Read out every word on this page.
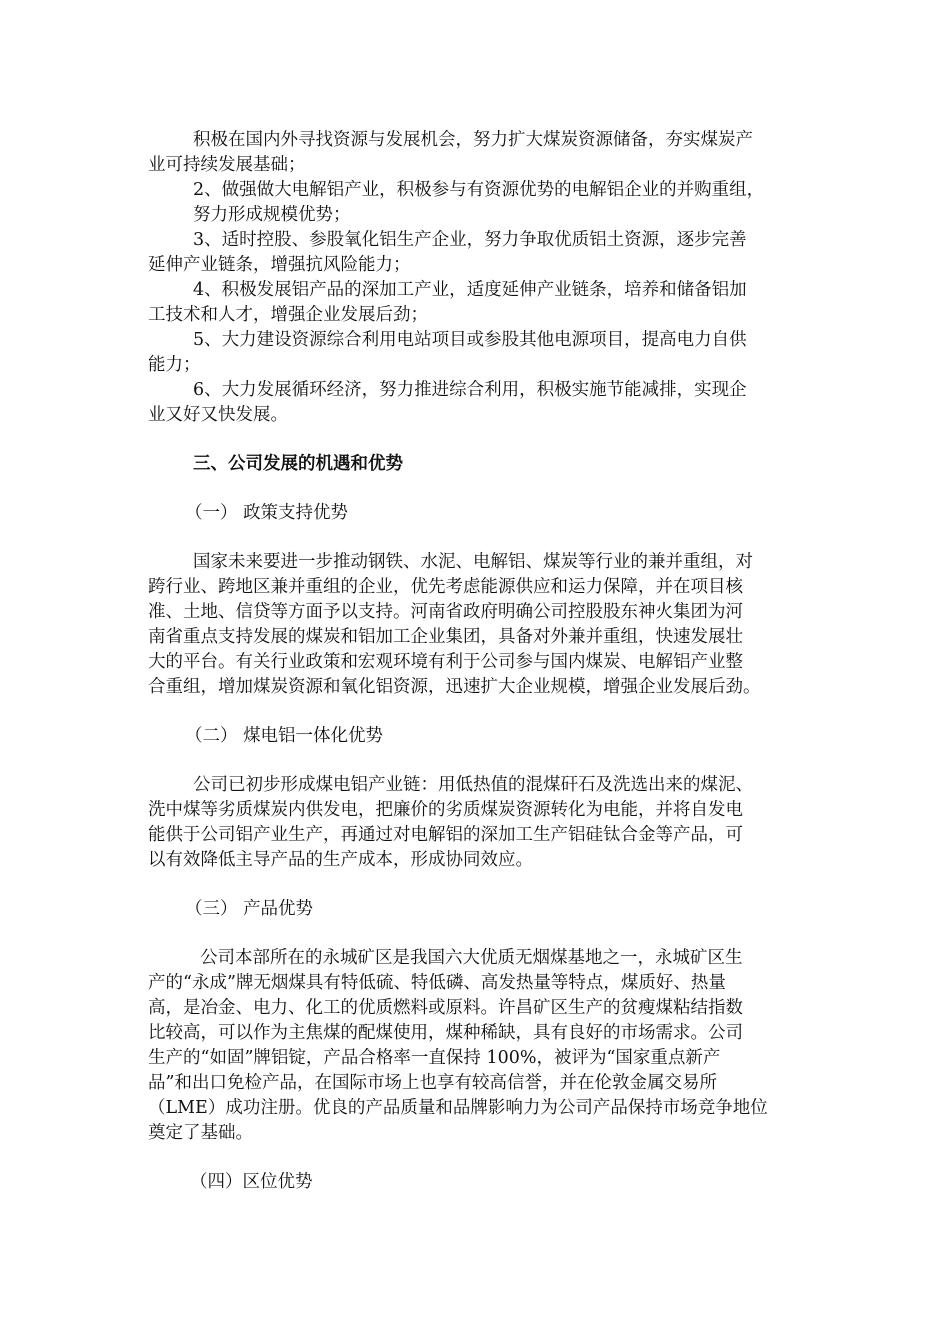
积极在国内外寻找资源与发展机会，努力扩大煤炭资源储备，夯实煤炭产
业可持续发展基础；
2、做强做大电解铝产业，积极参与有资源优势的电解铝企业的并购重组，
努力形成规模优势；
3、适时控股、参股氧化铝生产企业，努力争取优质铝土资源，逐步完善
延伸产业链条，增强抗风险能力；
4、积极发展铝产品的深加工产业，适度延伸产业链条，培养和储备铝加
工技术和人才，增强企业发展后劲；
5、大力建设资源综合利用电站项目或参股其他电源项目，提高电力自供
能力；
6、大力发展循环经济，努力推进综合利用，积极实施节能减排，实现企
业又好又快发展。
三、公司发展的机遇和优势
（一） 政策支持优势
国家未来要进一步推动钢铁、水泥、电解铝、煤炭等行业的兼并重组，对
跨行业、跨地区兼并重组的企业，优先考虑能源供应和运力保障，并在项目核
准、土地、信贷等方面予以支持。河南省政府明确公司控股股东神火集团为河
南省重点支持发展的煤炭和铝加工企业集团，具备对外兼并重组，快速发展壮
大的平台。有关行业政策和宏观环境有利于公司参与国内煤炭、电解铝产业整
合重组，增加煤炭资源和氧化铝资源，迅速扩大企业规模，增强企业发展后劲。
（二） 煤电铝一体化优势
公司已初步形成煤电铝产业链：用低热值的混煤矸石及洗选出来的煤泥、
洗中煤等劣质煤炭内供发电，把廉价的劣质煤炭资源转化为电能，并将自发电
能供于公司铝产业生产，再通过对电解铝的深加工生产铝硅钛合金等产品，可
以有效降低主导产品的生产成本，形成协同效应。
（三） 产品优势
公司本部所在的永城矿区是我国六大优质无烟煤基地之一，永城矿区生
产的“永成”牌无烟煤具有特低硫、特低磷、高发热量等特点，煤质好、热量
高，是冶金、电力、化工的优质燃料或原料。许昌矿区生产的贫瘦煤粘结指数
比较高，可以作为主焦煤的配煤使用，煤种稀缺，具有良好的市场需求。公司
生产的“如固”牌铝锭，产品合格率一直保持 100%，被评为“国家重点新产
品”和出口免检产品，在国际市场上也享有较高信誉，并在伦敦金属交易所
（LME）成功注册。优良的产品质量和品牌影响力为公司产品保持市场竞争地位
奠定了基础。
（四）区位优势
